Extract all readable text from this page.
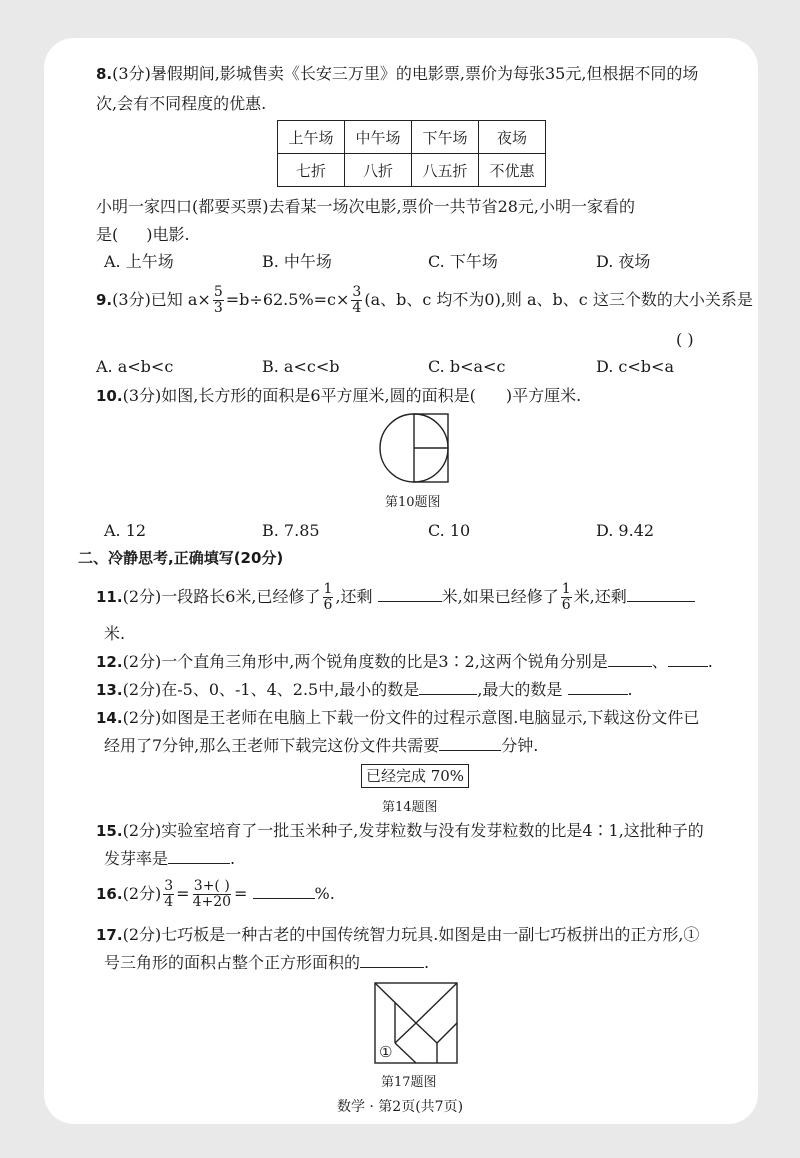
8.(3分)暑假期间,影城售卖《长安三万里》的电影票,票价为每张35元,但根据不同的场
次,会有不同程度的优惠.
上午场	中午场	下午场	夜场
七折	八折	八五折	不优惠
小明一家四口(都要买票)去看某一场次电影,票价一共节省28元,小明一家看的
是( )电影.
A. 上午场	B. 中午场	C. 下午场	D. 夜场
9.(3分)已知 $a\times \frac{5}{3} =b\div 62.5\%=c\times \frac{3}{4} (a$、b、c 均不为0),则 a、b、c 这三个数的大小关系是
( )
A. a<b<c	B. a<c<b	C. b<a<c	D. c<b<a
10.(3分)如图,长方形的面积是6平方厘米,圆的面积是( )平方厘米.
第10题图
A. 12	B. 7.85	C. 10	D. 9.42
二、冷静思考,正确填写(20分)
11.(2分)一段路长6米,已经修了 $\frac{1}{6}$ ,还剩	米,如果已经修了 $\frac{1}{6}$ 米,还剩
米.
12.(2分)一个直角三角形中,两个锐角度数的比是3∶2,这两个锐角分别是	、	.
13.(2分)在-5、0、-1、4、2.5中,最小的数是	,最大的数是	.
14.(2分)如图是王老师在电脑上下载一份文件的过程示意图.电脑显示,下载这份文件已
经用了7分钟,那么王老师下载完这份文件共需要	分钟.
已经完成 70%
第14题图
15.(2分)实验室培育了一批玉米种子,发芽粒数与没有发芽粒数的比是4∶1,这批种子的
发芽率是	.
16.(2分) $\frac{3}{4} = \frac{3+( )}{4+20}$ =	%.
17.(2分)七巧板是一种古老的中国传统智力玩具.如图是由一副七巧板拼出的正方形,①
号三角形的面积占整个正方形面积的	.
①
第17题图
数学 · 第2页(共7页)
